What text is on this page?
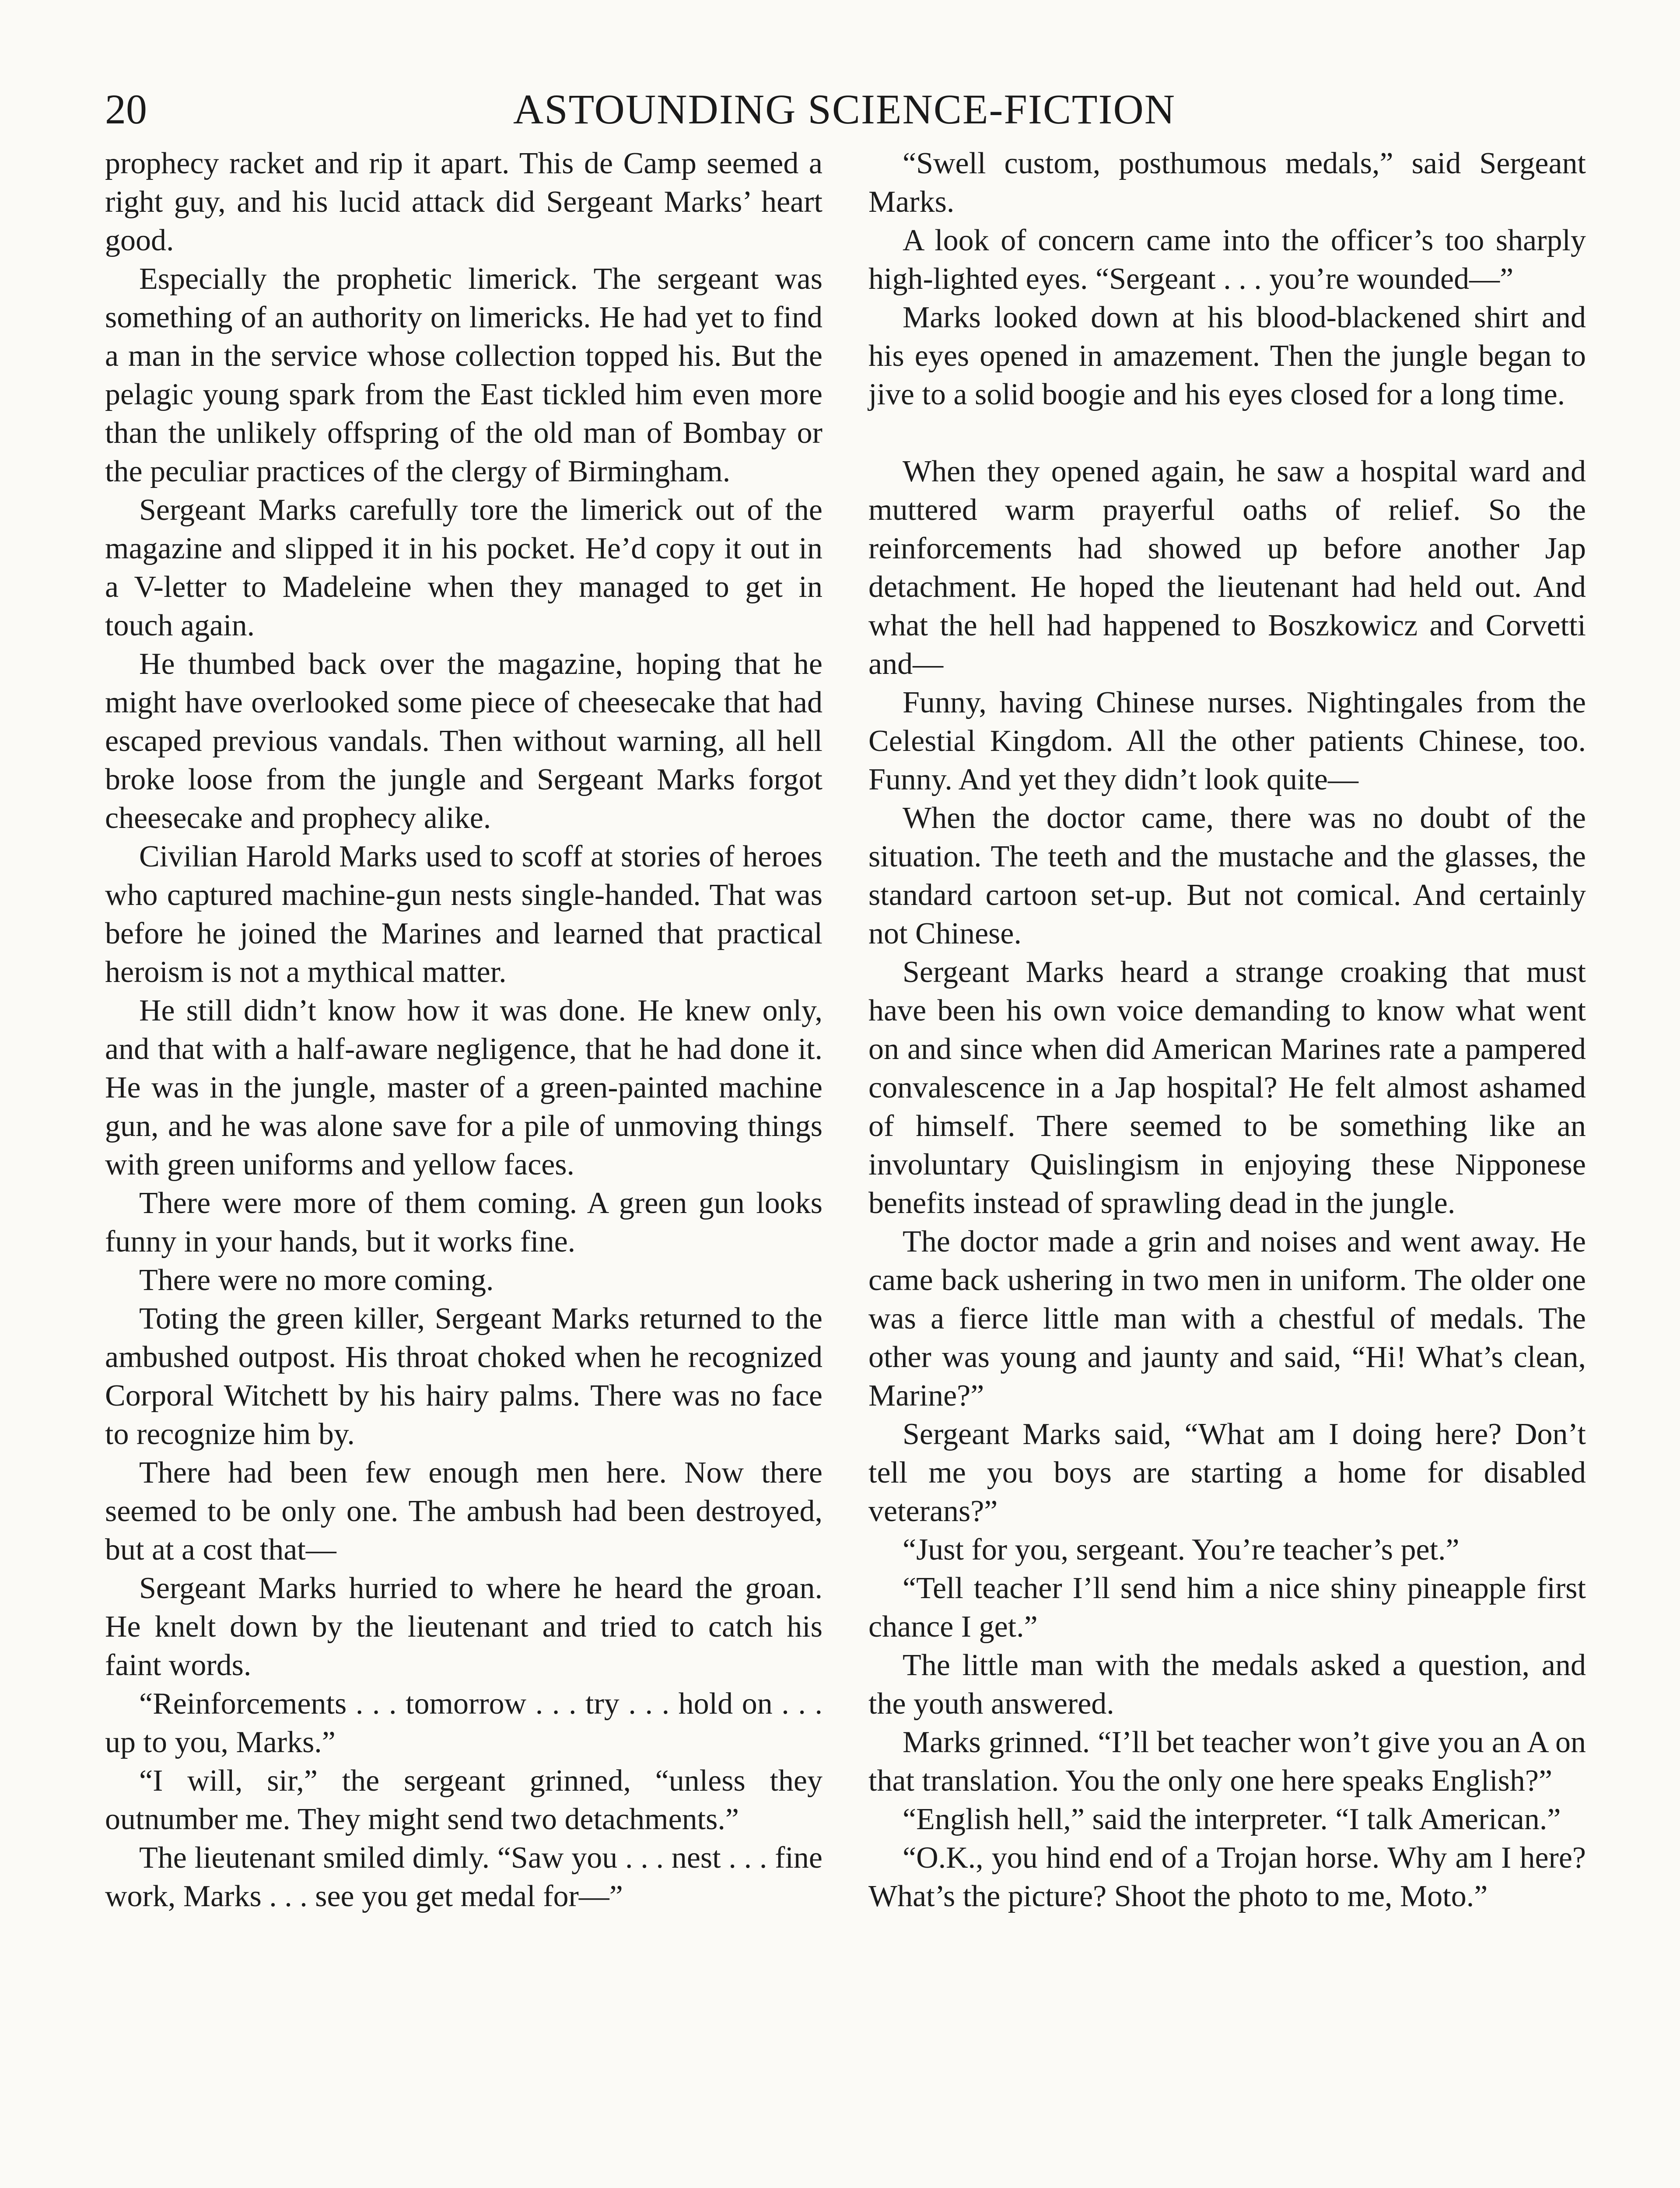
20	ASTOUNDING SCIENCE-FICTION

prophecy racket and rip it apart. This de Camp seemed a right guy, and his lucid attack did Sergeant Marks’ heart good.

Especially the prophetic limerick. The sergeant was something of an authority on limericks. He had yet to find a man in the service whose collection topped his. But the pelagic young spark from the East tickled him even more than the unlikely offspring of the old man of Bombay or the peculiar practices of the clergy of Birmingham.

Sergeant Marks carefully tore the limerick out of the magazine and slipped it in his pocket. He’d copy it out in a V-letter to Madeleine when they managed to get in touch again.

He thumbed back over the magazine, hoping that he might have overlooked some piece of cheesecake that had escaped previous vandals. Then without warning, all hell broke loose from the jungle and Sergeant Marks forgot cheesecake and prophecy alike.

Civilian Harold Marks used to scoff at stories of heroes who captured machine-gun nests single-handed. That was before he joined the Marines and learned that practical heroism is not a mythical matter.

He still didn’t know how it was done. He knew only, and that with a half-aware negligence, that he had done it. He was in the jungle, master of a green-painted machine gun, and he was alone save for a pile of unmoving things with green uniforms and yellow faces.

There were more of them coming. A green gun looks funny in your hands, but it works fine.

There were no more coming.

Toting the green killer, Sergeant Marks returned to the ambushed outpost. His throat choked when he recognized Corporal Witchett by his hairy palms. There was no face to recognize him by.

There had been few enough men here. Now there seemed to be only one. The ambush had been destroyed, but at a cost that—

Sergeant Marks hurried to where he heard the groan. He knelt down by the lieutenant and tried to catch his faint words.

“Reinforcements . . . tomorrow . . . try . . . hold on . . . up to you, Marks.”

“I will, sir,” the sergeant grinned, “unless they outnumber me. They might send two detachments.”

The lieutenant smiled dimly. “Saw you . . . nest . . . fine work, Marks . . . see you get medal for—”

“Swell custom, posthumous medals,” said Sergeant Marks.

A look of concern came into the officer’s too sharply high-lighted eyes. “Sergeant . . . you’re wounded—”

Marks looked down at his blood-blackened shirt and his eyes opened in amazement. Then the jungle began to jive to a solid boogie and his eyes closed for a long time.

When they opened again, he saw a hospital ward and muttered warm prayerful oaths of relief. So the reinforcements had showed up before another Jap detachment. He hoped the lieutenant had held out. And what the hell had happened to Boszkowicz and Corvetti and—

Funny, having Chinese nurses. Nightingales from the Celestial Kingdom. All the other patients Chinese, too. Funny. And yet they didn’t look quite—

When the doctor came, there was no doubt of the situation. The teeth and the mustache and the glasses, the standard cartoon set-up. But not comical. And certainly not Chinese.

Sergeant Marks heard a strange croaking that must have been his own voice demanding to know what went on and since when did American Marines rate a pampered convalescence in a Jap hospital? He felt almost ashamed of himself. There seemed to be something like an involuntary Quislingism in enjoying these Nipponese benefits instead of sprawling dead in the jungle.

The doctor made a grin and noises and went away. He came back ushering in two men in uniform. The older one was a fierce little man with a chestful of medals. The other was young and jaunty and said, “Hi! What’s clean, Marine?”

Sergeant Marks said, “What am I doing here? Don’t tell me you boys are starting a home for disabled veterans?”

“Just for you, sergeant. You’re teacher’s pet.”

“Tell teacher I’ll send him a nice shiny pineapple first chance I get.”

The little man with the medals asked a question, and the youth answered.

Marks grinned. “I’ll bet teacher won’t give you an A on that translation. You the only one here speaks English?”

“English hell,” said the interpreter. “I talk American.”

“O.K., you hind end of a Trojan horse. Why am I here? What’s the picture? Shoot the photo to me, Moto.”
